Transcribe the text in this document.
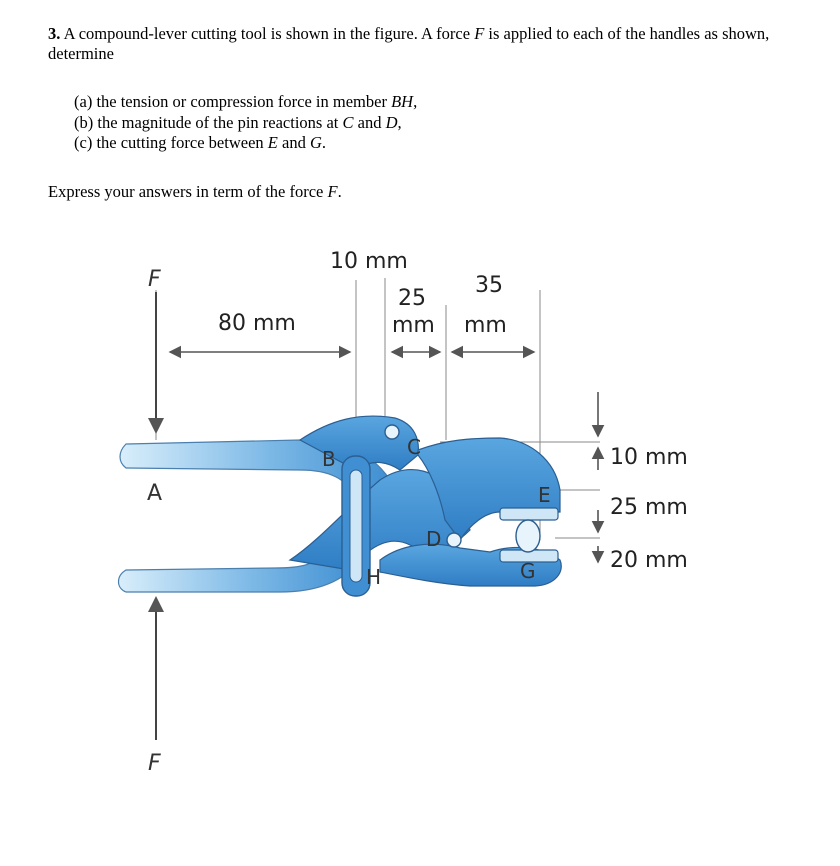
3. A compound-lever cutting tool is shown in the figure. A force F is applied to each of the handles as shown, determine

(a) the tension or compression force in member BH,
(b) the magnitude of the pin reactions at C and D,
(c) the cutting force between E and G.

Express your answers in term of the force F.

10 mm
80 mm
25
mm
35
mm
10 mm
25 mm
20 mm
F
F
A
B	C
D
E
G
H
